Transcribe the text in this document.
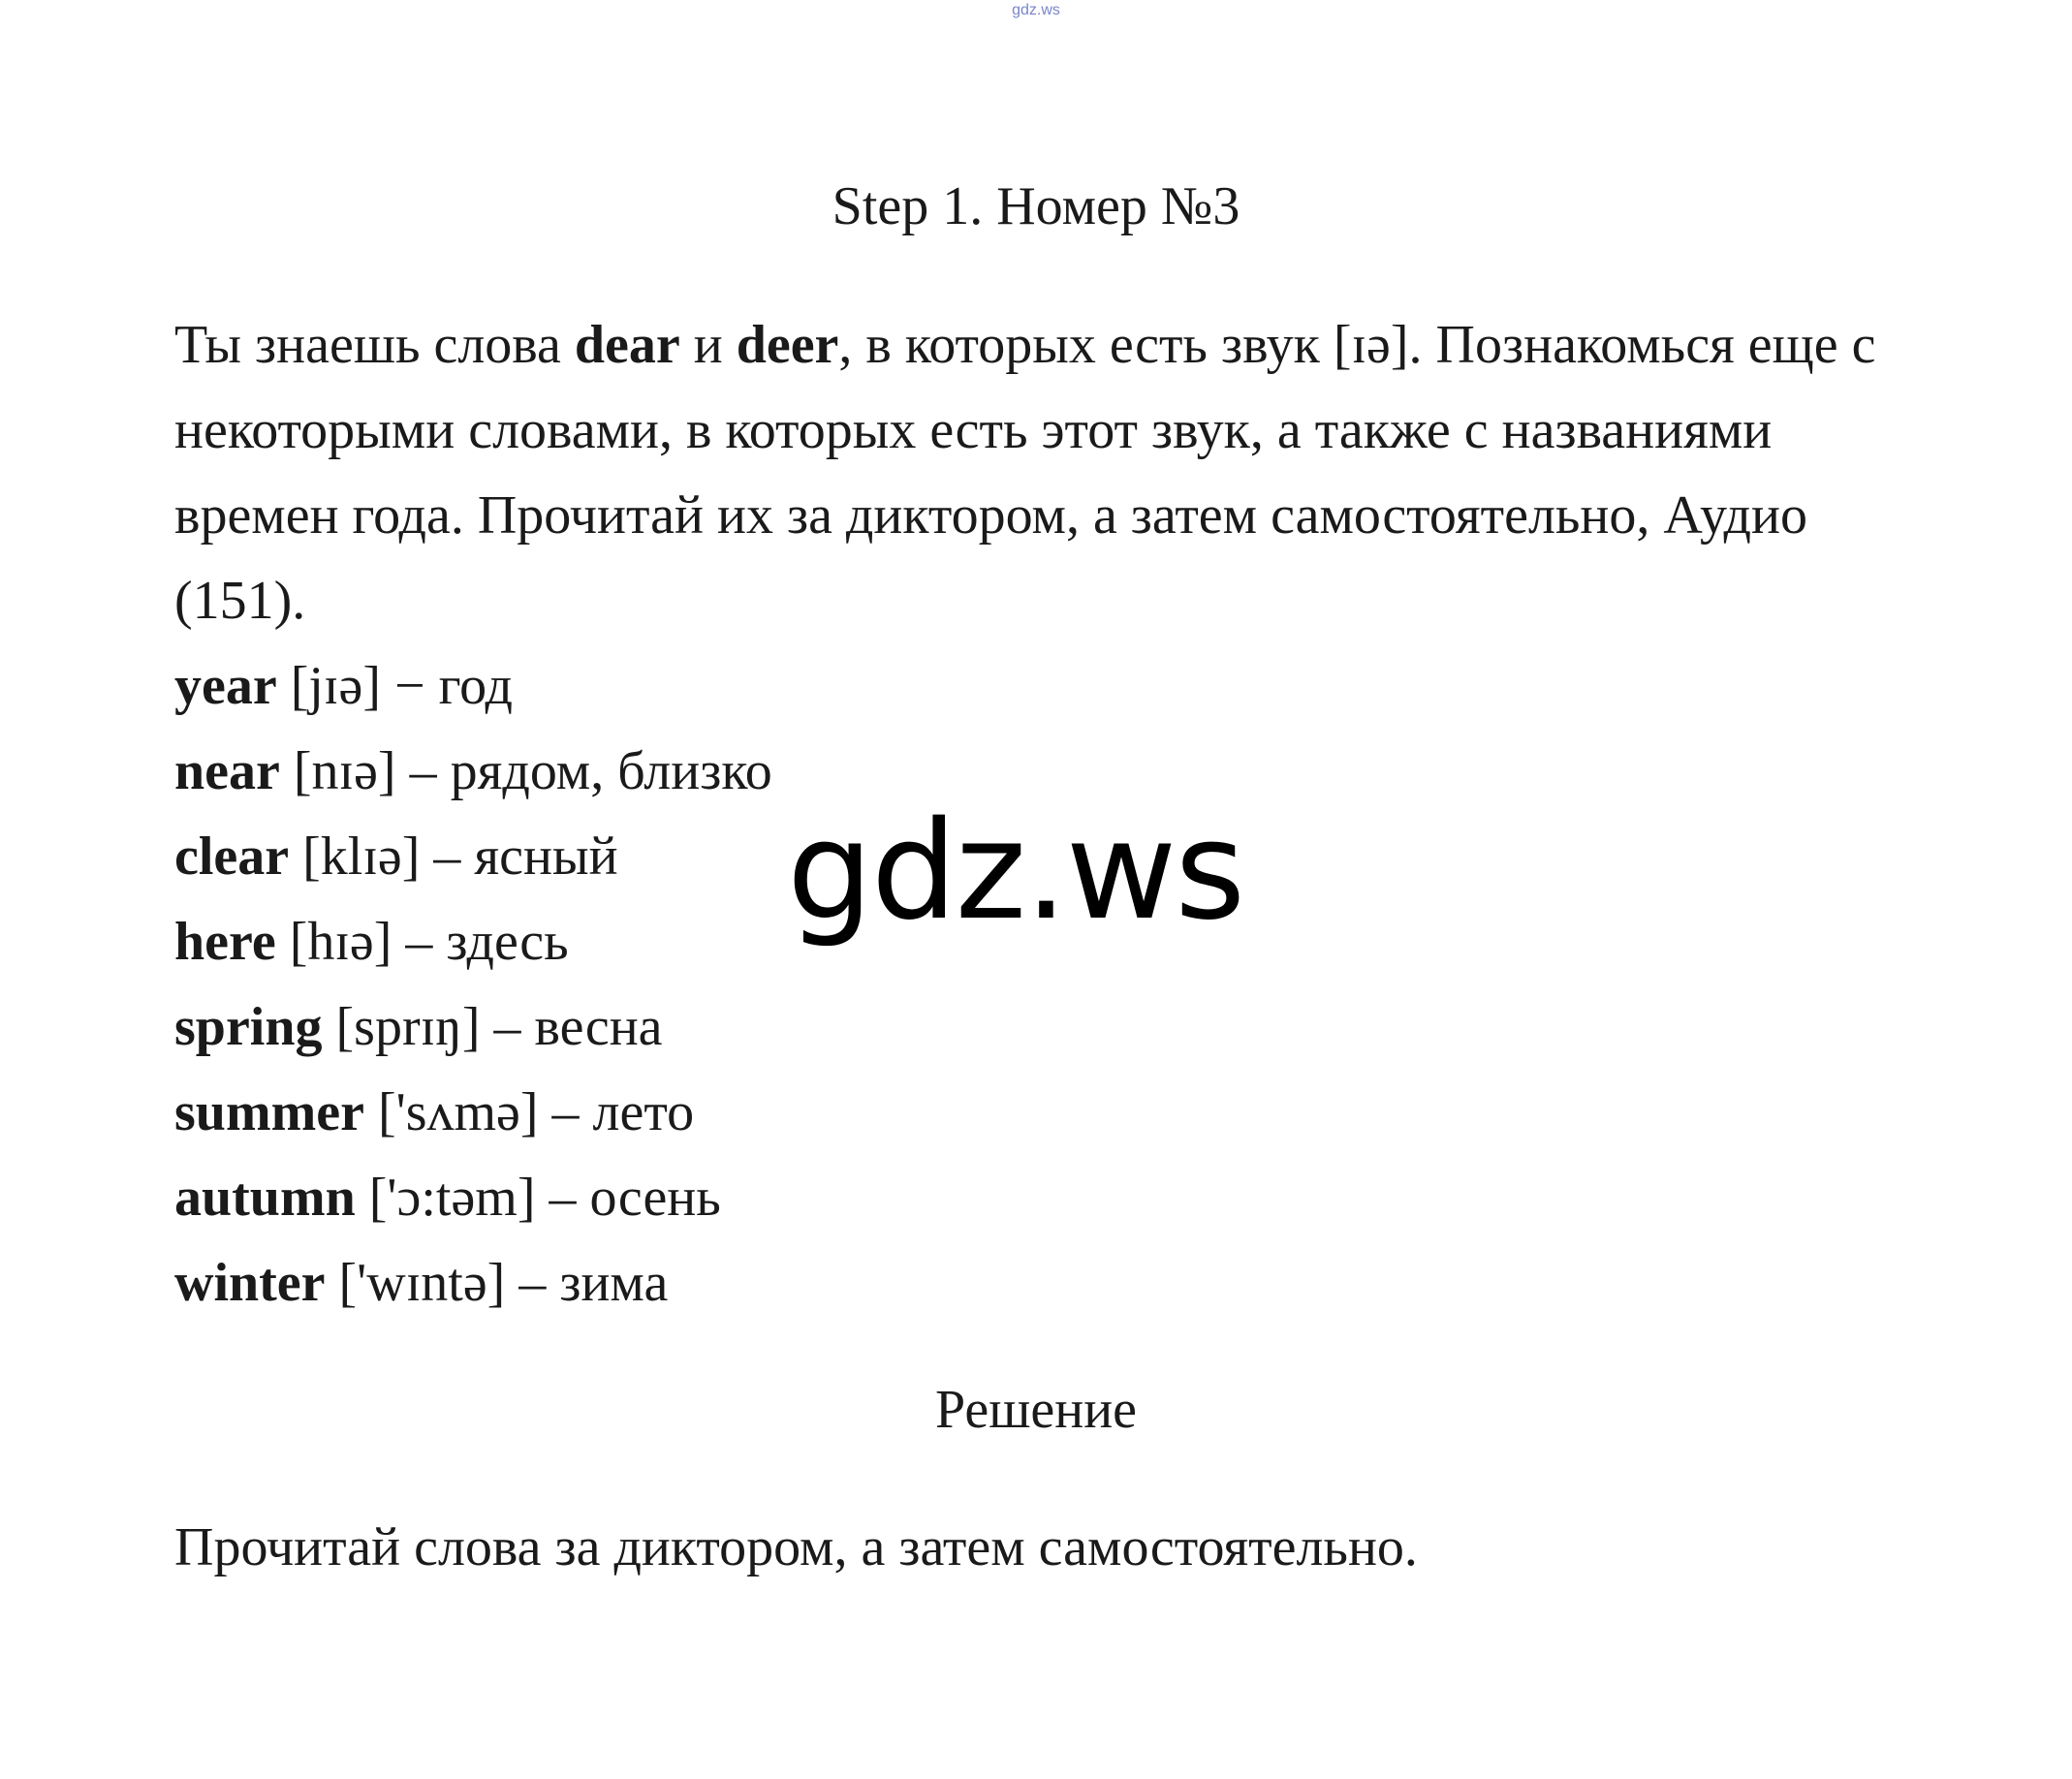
gdz.ws
Step 1. Номер №3

Ты знаешь слова dear и deer, в которых есть звук [ɪə]. Познакомься еще с некоторыми словами, в которых есть этот звук, а также с названиями времен года. Прочитай их за диктором, а затем самостоятельно, Аудио (151).

year [jɪə] − год
near [nɪə] – рядом, близко
clear [klɪə] – ясный
here [hɪə] – здесь
spring [sprɪŋ] – весна
summer ['sʌmə] – лето
autumn ['ɔ:təm] – осень
winter ['wɪntə] – зима
gdz.ws
Решение
Прочитай слова за диктором, а затем самостоятельно.
